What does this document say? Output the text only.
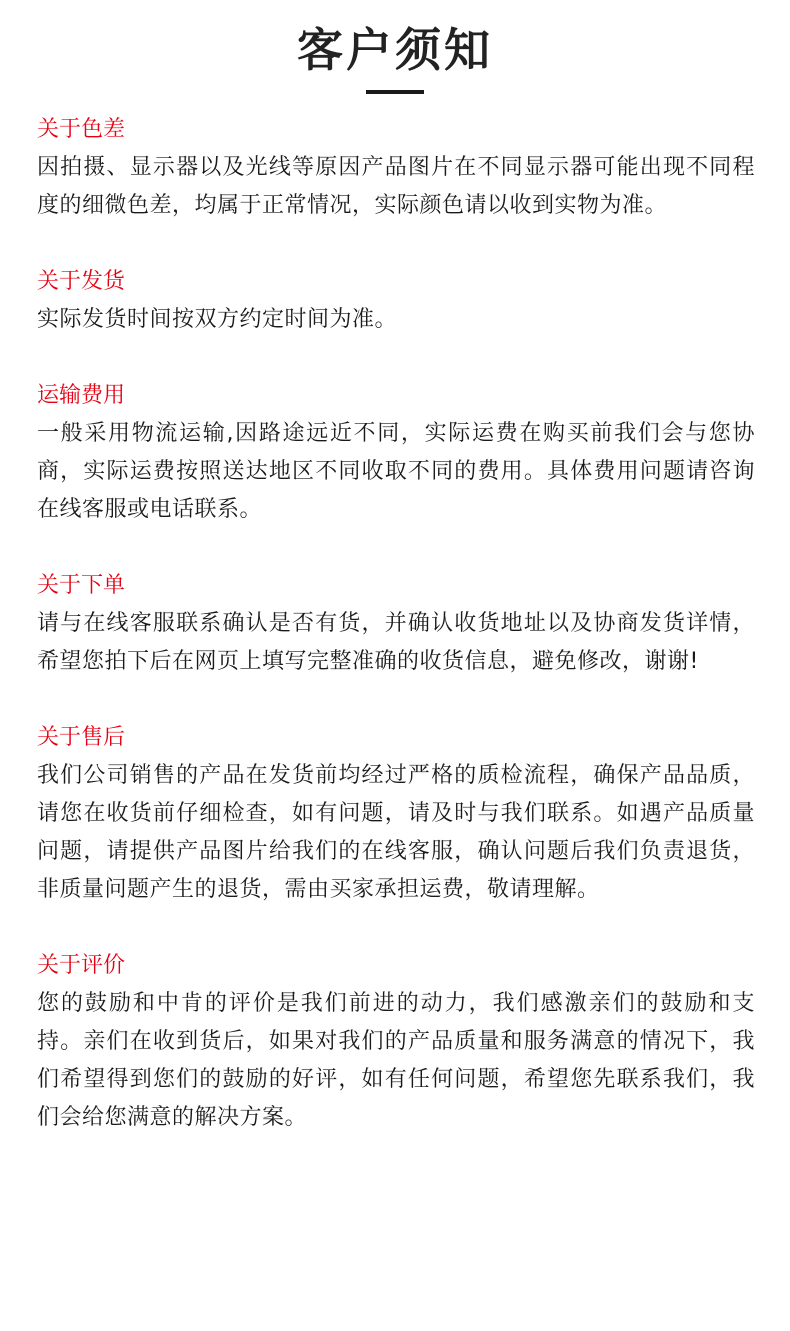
客户须知
关于色差

因拍摄、显示器以及光线等原因产品图片在不同显示器可能出现不同程度的细微色差，均属于正常情况，实际颜色请以收到实物为准。

关于发货

实际发货时间按双方约定时间为准。

运输费用

一般采用物流运输,因路途远近不同，实际运费在购买前我们会与您协商，实际运费按照送达地区不同收取不同的费用。具体费用问题请咨询在线客服或电话联系。

关于下单

请与在线客服联系确认是否有货，并确认收货地址以及协商发货详情，希望您拍下后在网页上填写完整准确的收货信息，避免修改，谢谢!

关于售后

我们公司销售的产品在发货前均经过严格的质检流程，确保产品品质，请您在收货前仔细检查，如有问题，请及时与我们联系。如遇产品质量问题，请提供产品图片给我们的在线客服，确认问题后我们负责退货，非质量问题产生的退货，需由买家承担运费，敬请理解。

关于评价

您的鼓励和中肯的评价是我们前进的动力，我们感激亲们的鼓励和支持。亲们在收到货后，如果对我们的产品质量和服务满意的情况下，我们希望得到您们的鼓励的好评，如有任何问题，希望您先联系我们，我们会给您满意的解决方案。
